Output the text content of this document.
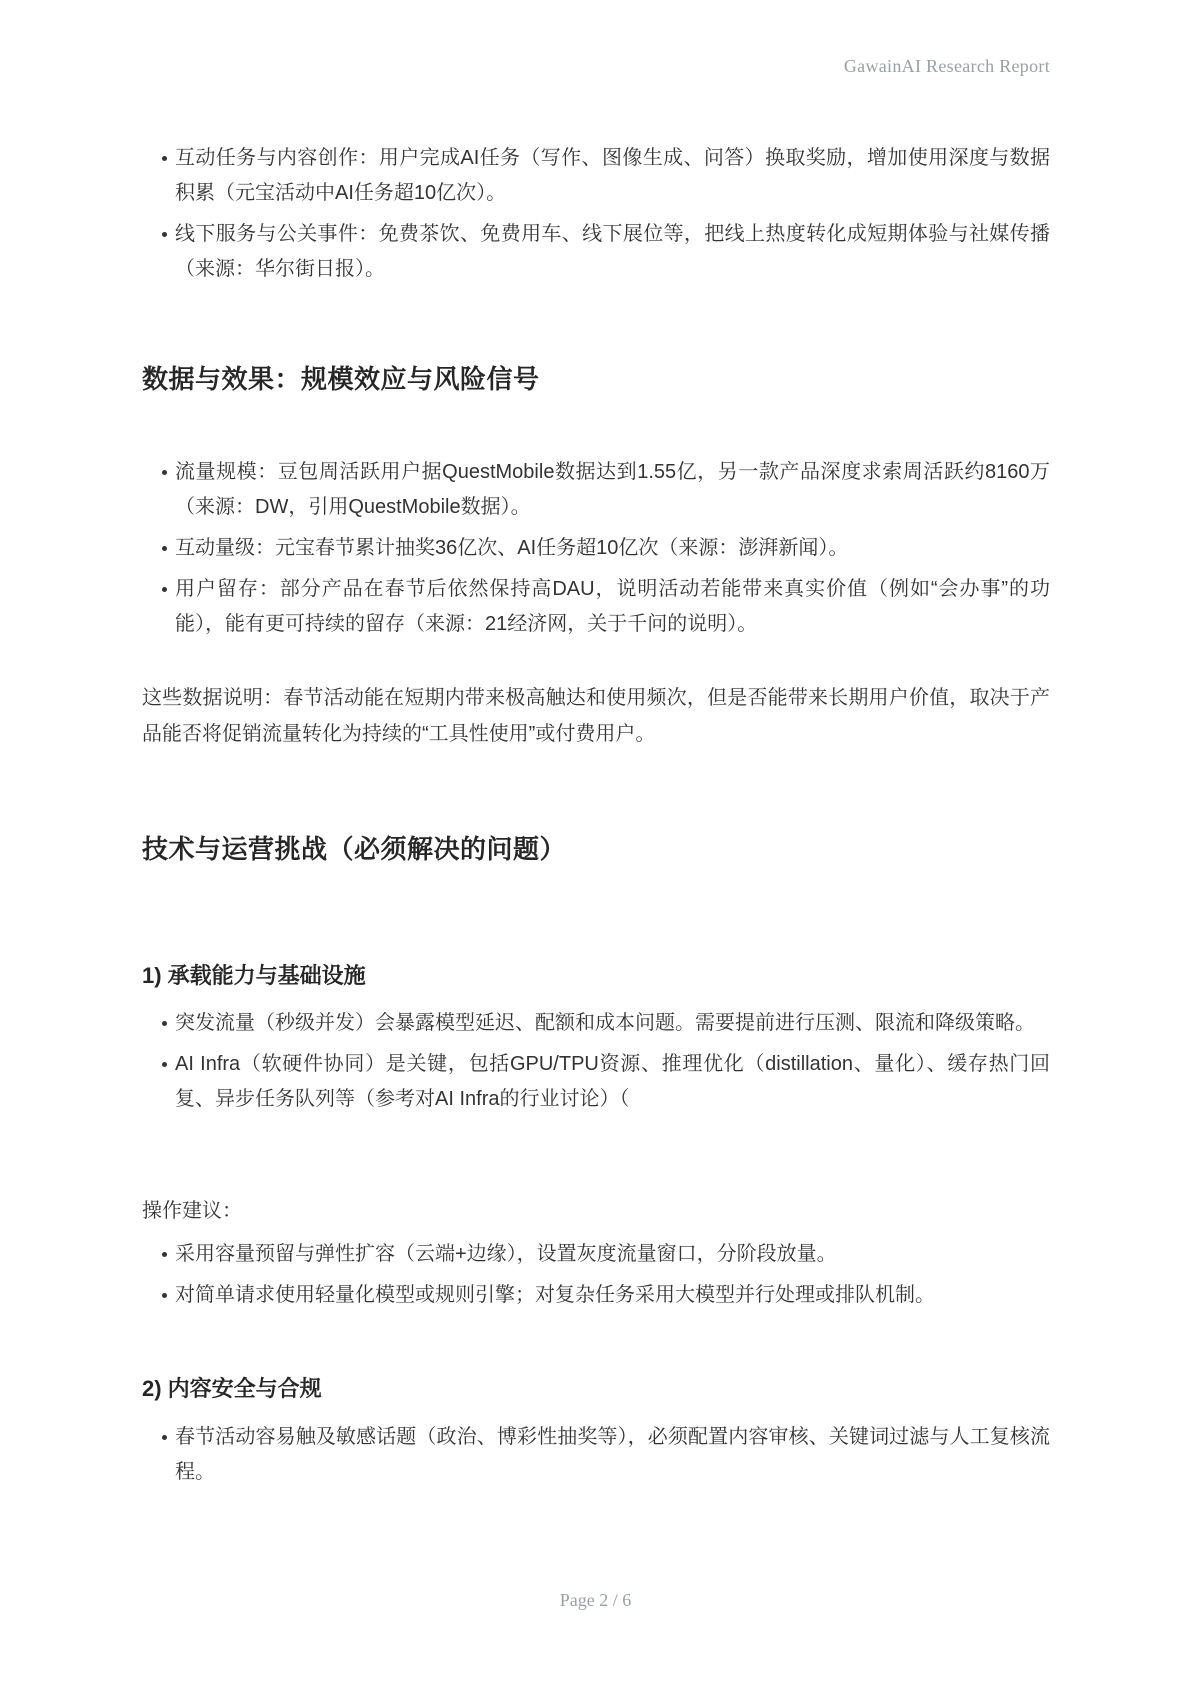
GawainAI Research Report
互动任务与内容创作：用户完成AI任务（写作、图像生成、问答）换取奖励，增加使用深度与数据积累（元宝活动中AI任务超10亿次）。
线下服务与公关事件：免费茶饮、免费用车、线下展位等，把线上热度转化成短期体验与社媒传播（来源：华尔街日报）。
数据与效果：规模效应与风险信号
流量规模：豆包周活跃用户据QuestMobile数据达到1.55亿，另一款产品深度求索周活跃约8160万（来源：DW，引用QuestMobile数据）。
互动量级：元宝春节累计抽奖36亿次、AI任务超10亿次（来源：澎湃新闻）。
用户留存：部分产品在春节后依然保持高DAU，说明活动若能带来真实价值（例如“会办事”的功能），能有更可持续的留存（来源：21经济网，关于千问的说明）。

这些数据说明：春节活动能在短期内带来极高触达和使用频次，但是否能带来长期用户价值，取决于产品能否将促销流量转化为持续的“工具性使用”或付费用户。

技术与运营挑战（必须解决的问题）
1) 承载能力与基础设施
突发流量（秒级并发）会暴露模型延迟、配额和成本问题。需要提前进行压测、限流和降级策略。
AI Infra（软硬件协同）是关键，包括GPU/TPU资源、推理优化（distillation、量化）、缓存热门回复、异步任务队列等（参考对AI Infra的行业讨论）（

操作建议：

采用容量预留与弹性扩容（云端+边缘），设置灰度流量窗口，分阶段放量。
对简单请求使用轻量化模型或规则引擎；对复杂任务采用大模型并行处理或排队机制。
2) 内容安全与合规
春节活动容易触及敏感话题（政治、博彩性抽奖等），必须配置内容审核、关键词过滤与人工复核流程。
Page 2 / 6
